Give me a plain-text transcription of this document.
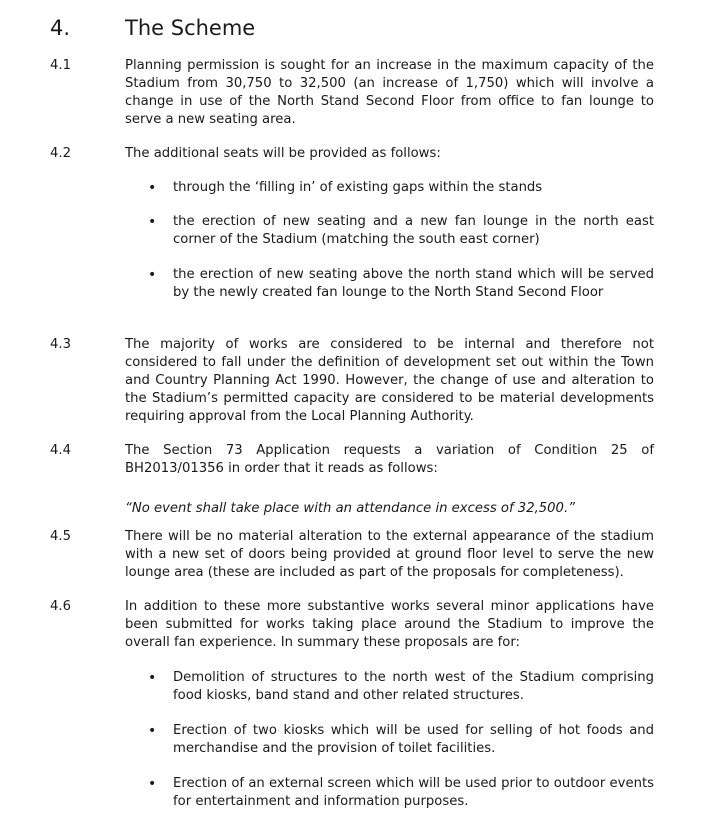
4.	The Scheme
4.1	Planning permission is sought for an increase in the maximum capacity of the Stadium from 30,750 to 32,500 (an increase of 1,750) which will involve a change in use of the North Stand Second Floor from office to fan lounge to serve a new seating area.
4.2	The additional seats will be provided as follows:
• through the ‘filling in’ of existing gaps within the stands
• the erection of new seating and a new fan lounge in the north east corner of the Stadium (matching the south east corner)
• the erection of new seating above the north stand which will be served by the newly created fan lounge to the North Stand Second Floor
4.3	The majority of works are considered to be internal and therefore not considered to fall under the definition of development set out within the Town and Country Planning Act 1990. However, the change of use and alteration to the Stadium’s permitted capacity are considered to be material developments requiring approval from the Local Planning Authority.
4.4	The Section 73 Application requests a variation of Condition 25 of BH2013/01356 in order that it reads as follows:
“No event shall take place with an attendance in excess of 32,500.”
4.5	There will be no material alteration to the external appearance of the stadium with a new set of doors being provided at ground floor level to serve the new lounge area (these are included as part of the proposals for completeness).
4.6	In addition to these more substantive works several minor applications have been submitted for works taking place around the Stadium to improve the overall fan experience. In summary these proposals are for:
• Demolition of structures to the north west of the Stadium comprising food kiosks, band stand and other related structures.
• Erection of two kiosks which will be used for selling of hot foods and merchandise and the provision of toilet facilities.
• Erection of an external screen which will be used prior to outdoor events for entertainment and information purposes.
